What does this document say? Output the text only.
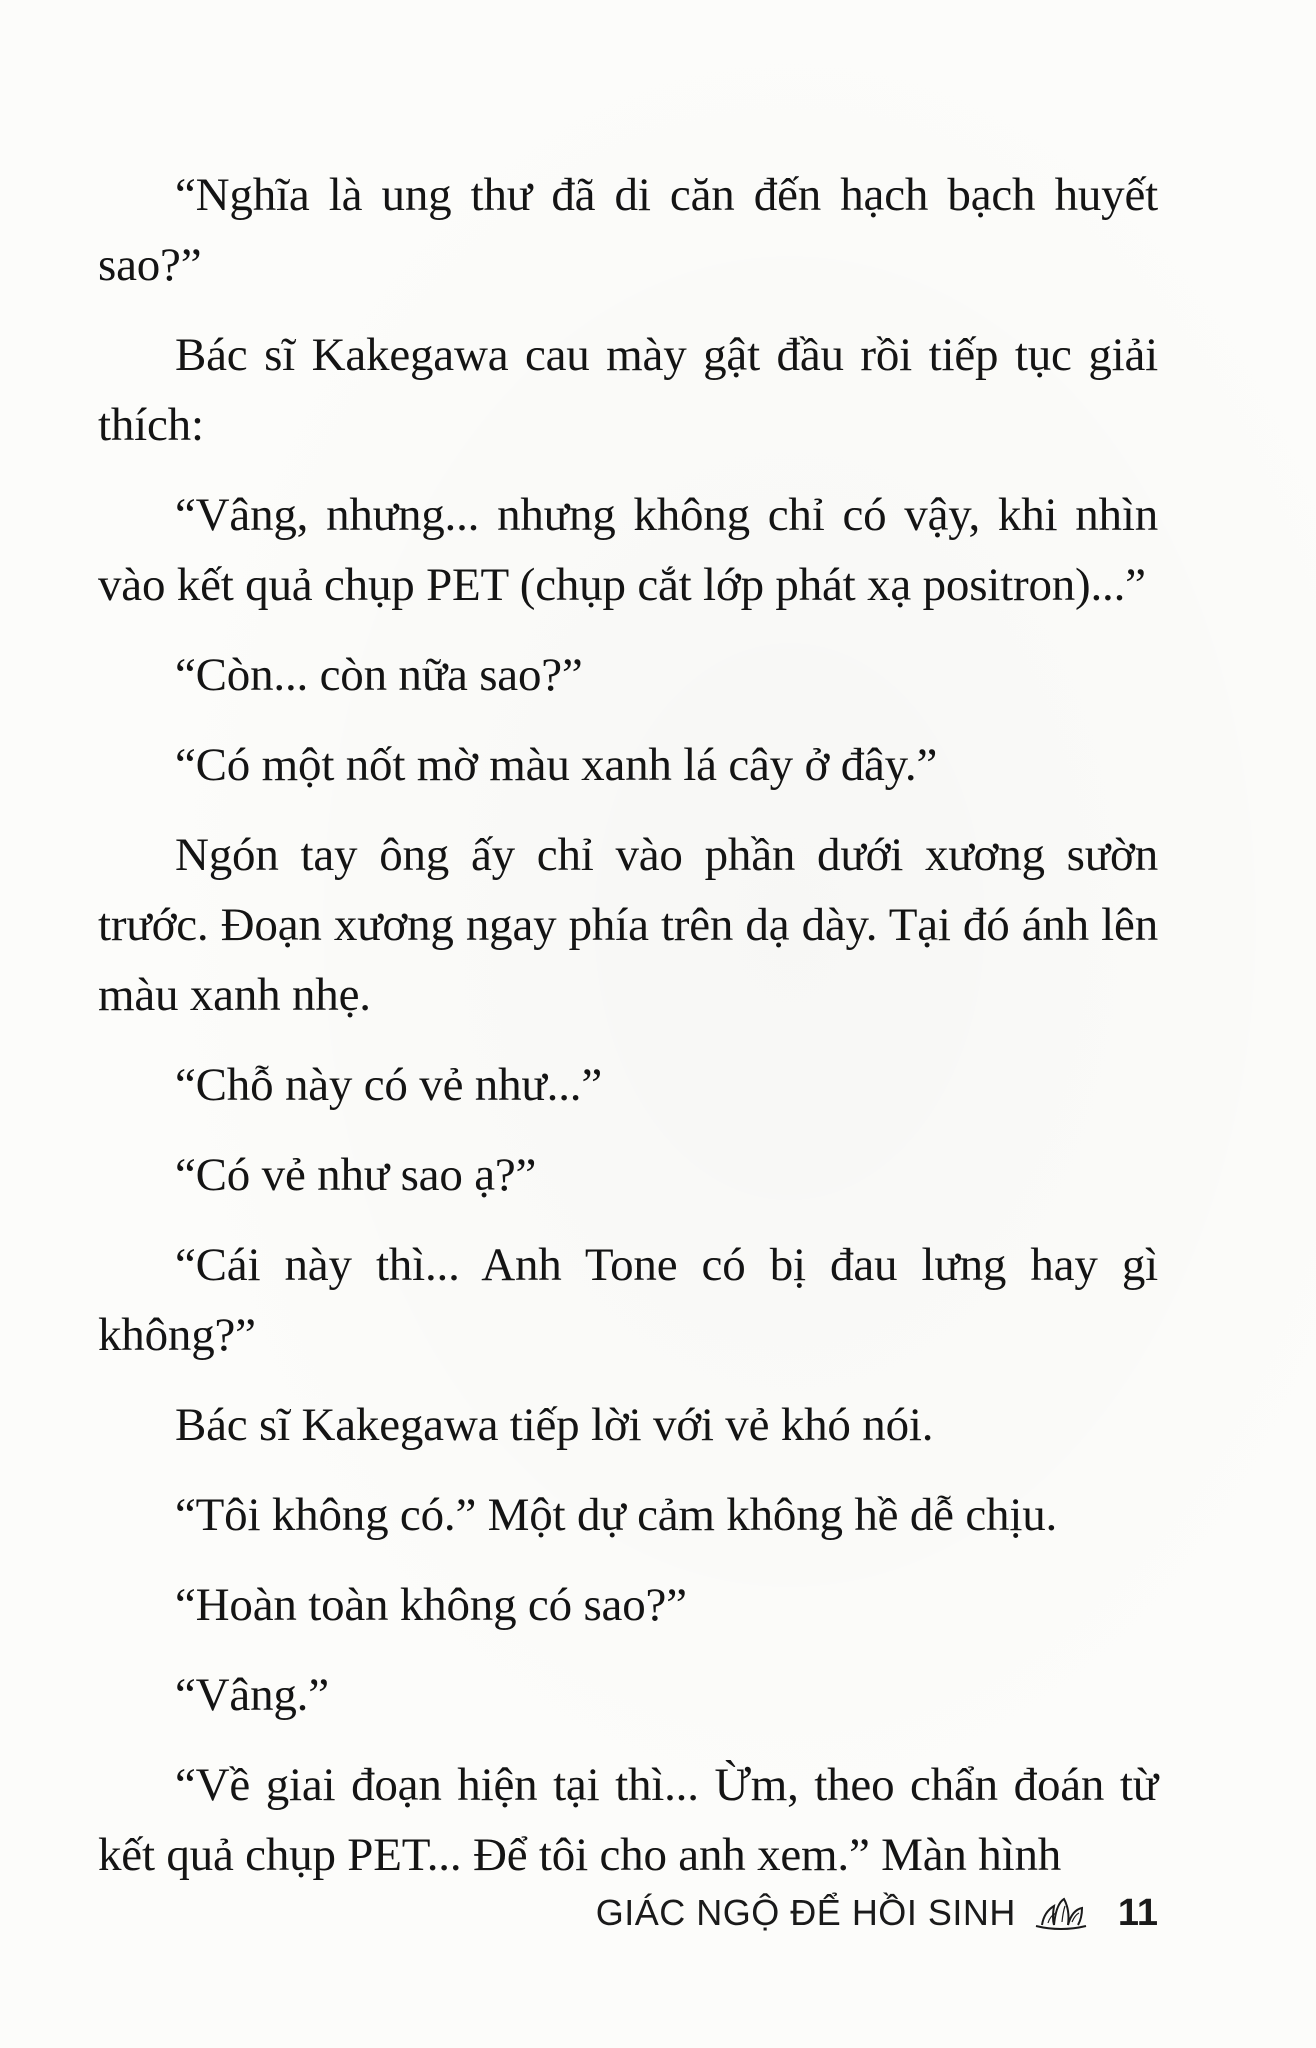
“Nghĩa là ung thư đã di căn đến hạch bạch huyết sao?”

Bác sĩ Kakegawa cau mày gật đầu rồi tiếp tục giải thích:

“Vâng, nhưng... nhưng không chỉ có vậy, khi nhìn vào kết quả chụp PET (chụp cắt lớp phát xạ positron)...”

“Còn... còn nữa sao?”

“Có một nốt mờ màu xanh lá cây ở đây.”

Ngón tay ông ấy chỉ vào phần dưới xương sườn trước. Đoạn xương ngay phía trên dạ dày. Tại đó ánh lên màu xanh nhẹ.

“Chỗ này có vẻ như...”

“Có vẻ như sao ạ?”

“Cái này thì... Anh Tone có bị đau lưng hay gì không?”

Bác sĩ Kakegawa tiếp lời với vẻ khó nói.

“Tôi không có.” Một dự cảm không hề dễ chịu.

“Hoàn toàn không có sao?”

“Vâng.”

“Về giai đoạn hiện tại thì... Ừm, theo chẩn đoán từ kết quả chụp PET... Để tôi cho anh xem.” Màn hình

GIÁC NGỘ ĐỂ HỒI SINH	11
